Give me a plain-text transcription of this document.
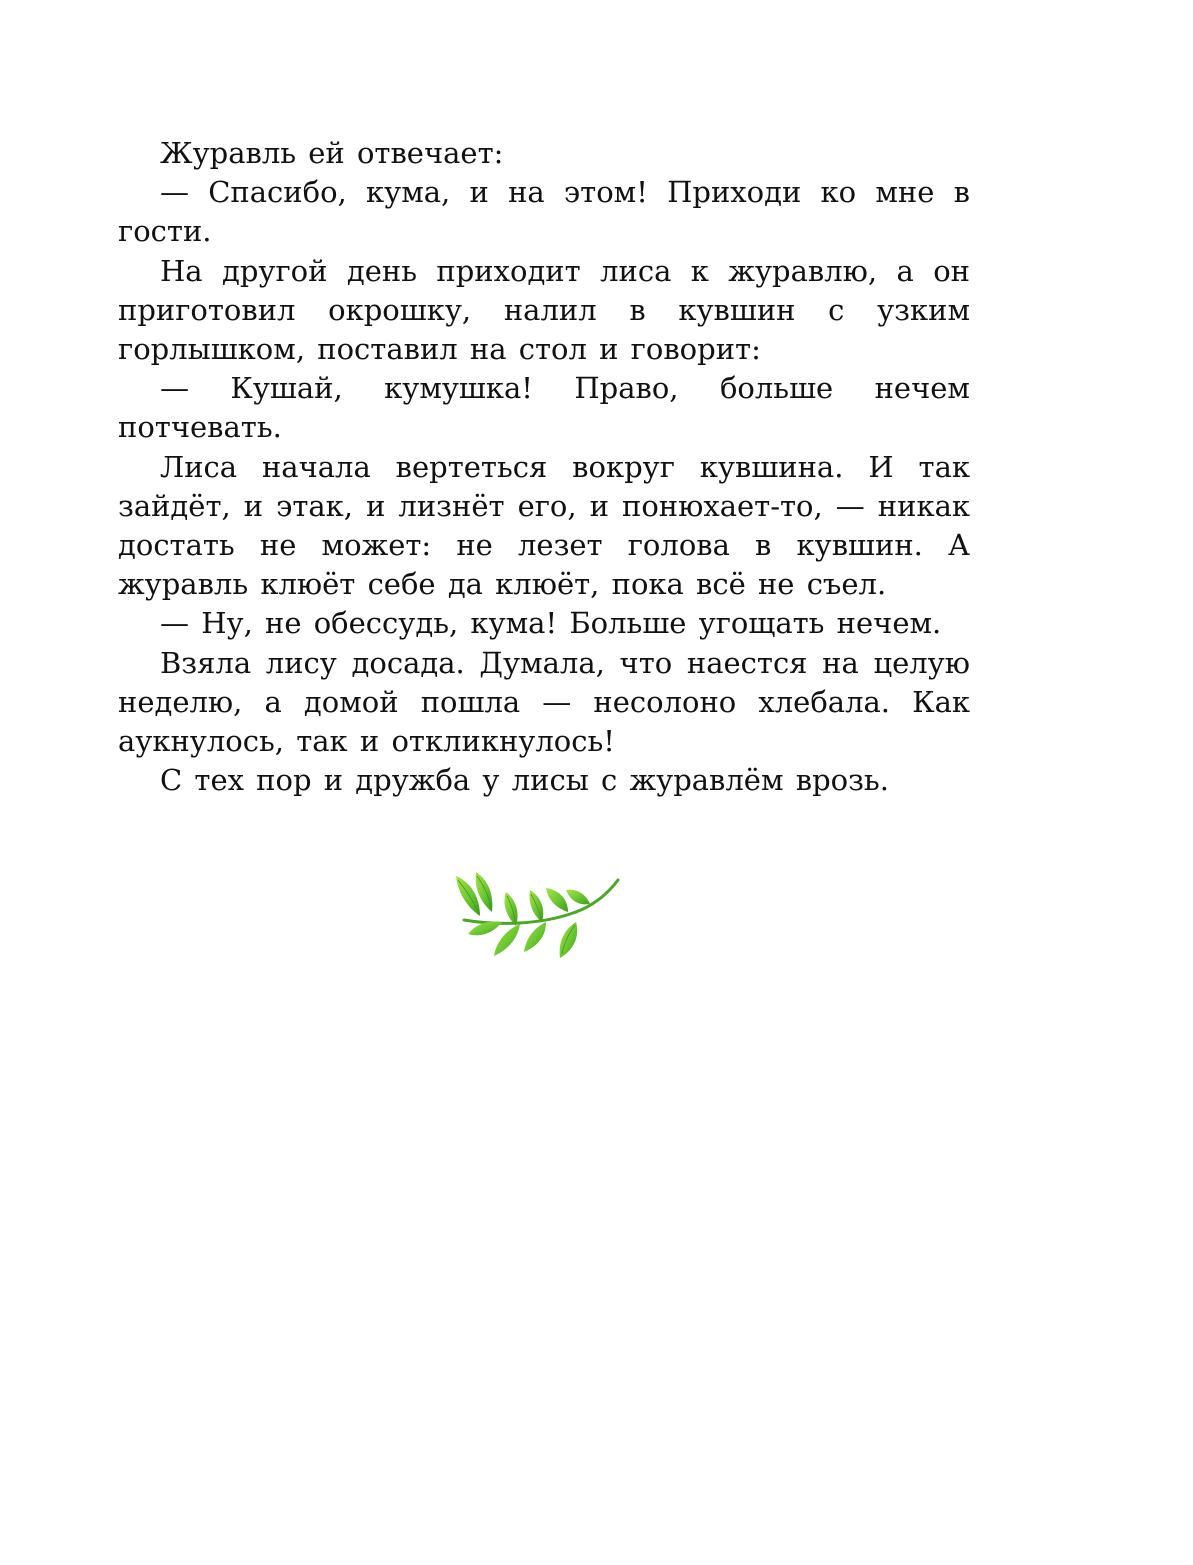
Журавль ей отвечает:

— Спасибо, кума, и на этом! Приходи ко мне в гости.

На другой день приходит лиса к журавлю, а он приготовил окрошку, налил в кувшин с узким горлышком, поставил на стол и говорит:

— Кушай, кумушка! Право, больше нечем потчевать.

Лиса начала вертеться вокруг кувшина. И так зайдёт, и этак, и лизнёт его, и понюхает-то, — никак достать не может: не лезет голова в кувшин. А журавль клюёт себе да клюёт, пока всё не съел.

— Ну, не обессудь, кума! Больше угощать нечем.

Взяла лису досада. Думала, что наестся на целую неделю, а домой пошла — несолоно хлебала. Как аукнулось, так и откликнулось!

С тех пор и дружба у лисы с журавлём врозь.
